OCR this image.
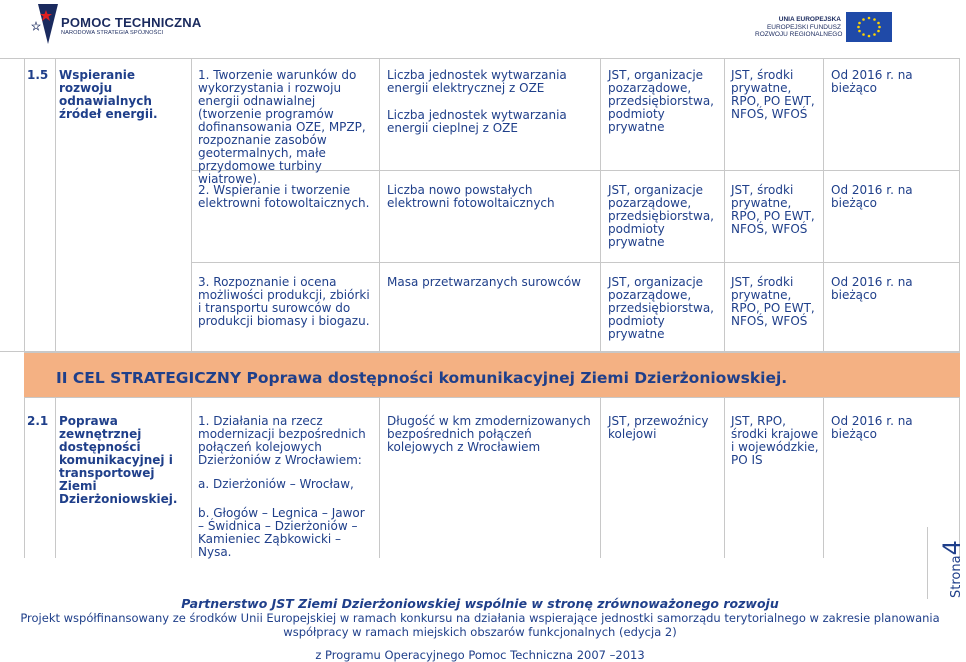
POMOC TECHNICZNA
NARODOWA STRATEGIA SPÓJNOŚCI
UNIA EUROPEJSKA
EUROPEJSKI FUNDUSZ
ROZWOJU REGIONALNEGO
1.5 Wspieranie rozwoju odnawialnych źródeł energii.
1. Tworzenie warunków do wykorzystania i rozwoju energii odnawialnej (tworzenie programów dofinansowania OZE, MPZP, rozpoznanie zasobów geotermalnych, małe przydomowe turbiny wiatrowe).
Liczba jednostek wytwarzania energii elektrycznej z OZE
Liczba jednostek wytwarzania energii cieplnej z OZE
JST, organizacje pozarządowe, przedsiębiorstwa, podmioty prywatne
JST, środki prywatne, RPO, PO EWT, NFOŚ, WFOŚ
Od 2016 r. na bieżąco
2. Wspieranie i tworzenie elektrowni fotowoltaicznych.
Liczba nowo powstałych elektrowni fotowoltaicznych
JST, organizacje pozarządowe, przedsiębiorstwa, podmioty prywatne
JST, środki prywatne, RPO, PO EWT, NFOŚ, WFOŚ
Od 2016 r. na bieżąco
3. Rozpoznanie i ocena możliwości produkcji, zbiórki i transportu surowców do produkcji biomasy i biogazu.
Masa przetwarzanych surowców	JST, organizacje pozarządowe, przedsiębiorstwa, podmioty prywatne
JST, środki prywatne, RPO, PO EWT, NFOŚ, WFOŚ
Od 2016 r. na bieżąco
II CEL STRATEGICZNY Poprawa dostępności komunikacyjnej Ziemi Dzierżoniowskiej.
2.1 Poprawa zewnętrznej dostępności komunikacyjnej i transportowej Ziemi Dzierżoniowskiej.
1. Działania na rzecz modernizacji bezpośrednich połączeń kolejowych Dzierżoniów z Wrocławiem:
a. Dzierżoniów – Wrocław,
b. Głogów – Legnica – Jawor – Świdnica – Dzierżoniów – Kamieniec Ząbkowicki – Nysa.
Długość w km zmodernizowanych bezpośrednich połączeń kolejowych z Wrocławiem
JST, przewoźnicy kolejowi
JST, RPO, środki krajowe i wojewódzkie, PO IS
Od 2016 r. na bieżąco
Strona4
Partnerstwo JST Ziemi Dzierżoniowskiej wspólnie w stronę zrównoważonego rozwoju
Projekt współfinansowany ze środków Unii Europejskiej w ramach konkursu na działania wspierające jednostki samorządu terytorialnego w zakresie planowania współpracy w ramach miejskich obszarów funkcjonalnych (edycja 2)
z Programu Operacyjnego Pomoc Techniczna 2007 –2013
